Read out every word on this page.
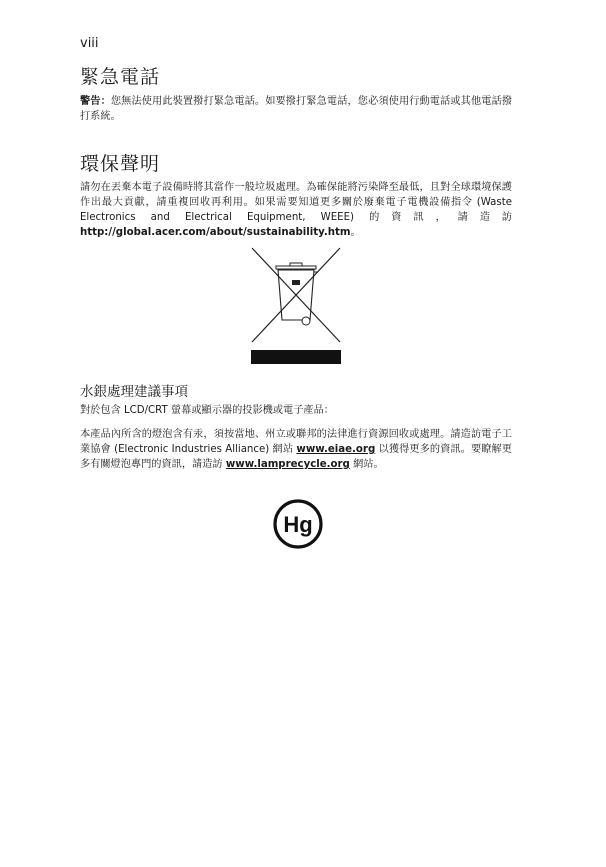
viii
緊急電話

警告：您無法使用此裝置撥打緊急電話。如要撥打緊急電話，您必須使用行動電話或其他電話撥打系統。

環保聲明

請勿在丟棄本電子設備時將其當作一般垃圾處理。為確保能將污染降至最低，且對全球環境保護作出最大貢獻，請重複回收再利用。如果需要知道更多關於廢棄電子電機設備指令 (Waste Electronics and Electrical Equipment, WEEE) 的資訊，請造訪 http://global.acer.com/about/sustainability.htm。

水銀處理建議事項

對於包含 LCD/CRT 螢幕或顯示器的投影機或電子產品：

本產品內所含的燈泡含有汞，須按當地、州立或聯邦的法律進行資源回收或處理。請造訪電子工業協會 (Electronic Industries Alliance) 網站 www.eiae.org 以獲得更多的資訊。要瞭解更多有關燈泡專門的資訊，請造訪 www.lamprecycle.org 網站。

Hg
